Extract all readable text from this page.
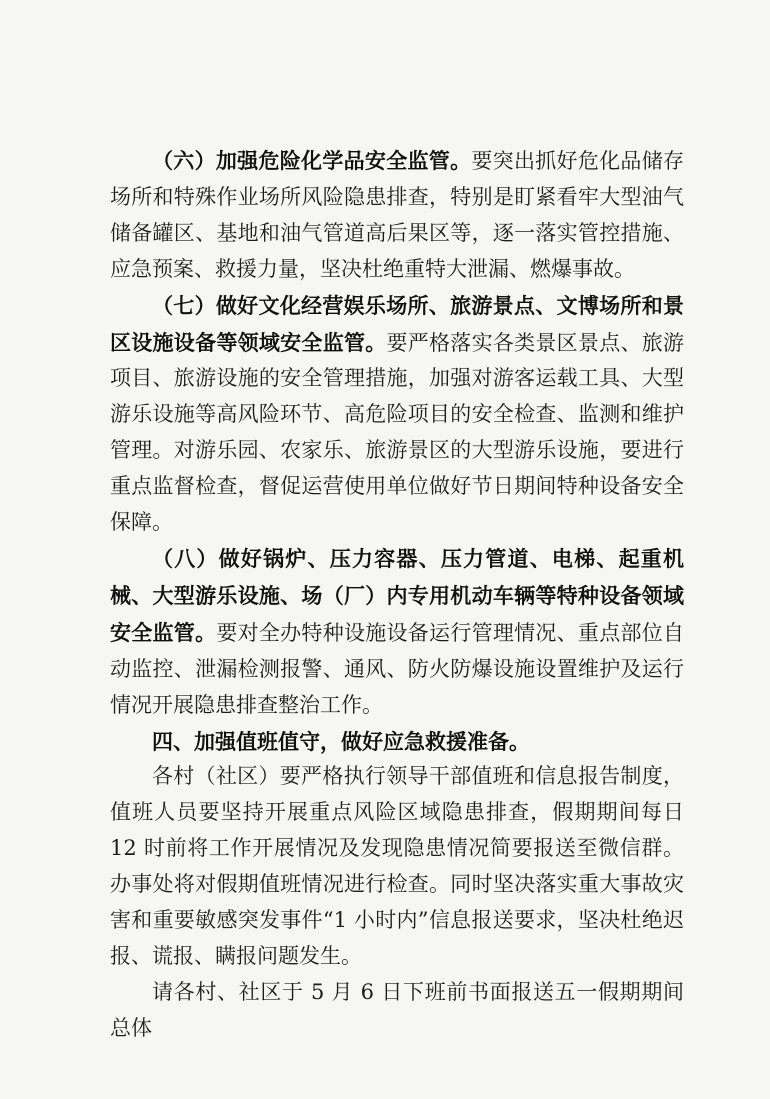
（六）加强危险化学品安全监管。要突出抓好危化品储存场所和特殊作业场所风险隐患排查，特别是盯紧看牢大型油气储备罐区、基地和油气管道高后果区等，逐一落实管控措施、应急预案、救援力量，坚决杜绝重特大泄漏、燃爆事故。

（七）做好文化经营娱乐场所、旅游景点、文博场所和景区设施设备等领域安全监管。要严格落实各类景区景点、旅游项目、旅游设施的安全管理措施，加强对游客运载工具、大型游乐设施等高风险环节、高危险项目的安全检查、监测和维护管理。对游乐园、农家乐、旅游景区的大型游乐设施，要进行重点监督检查，督促运营使用单位做好节日期间特种设备安全保障。

（八）做好锅炉、压力容器、压力管道、电梯、起重机械、大型游乐设施、场（厂）内专用机动车辆等特种设备领域安全监管。要对全办特种设施设备运行管理情况、重点部位自动监控、泄漏检测报警、通风、防火防爆设施设置维护及运行情况开展隐患排查整治工作。

四、加强值班值守，做好应急救援准备。

各村（社区）要严格执行领导干部值班和信息报告制度，值班人员要坚持开展重点风险区域隐患排查，假期期间每日 12 时前将工作开展情况及发现隐患情况简要报送至微信群。办事处将对假期值班情况进行检查。同时坚决落实重大事故灾害和重要敏感突发事件“1 小时内”信息报送要求，坚决杜绝迟报、谎报、瞒报问题发生。

请各村、社区于 5 月 6 日下班前书面报送五一假期期间总体
